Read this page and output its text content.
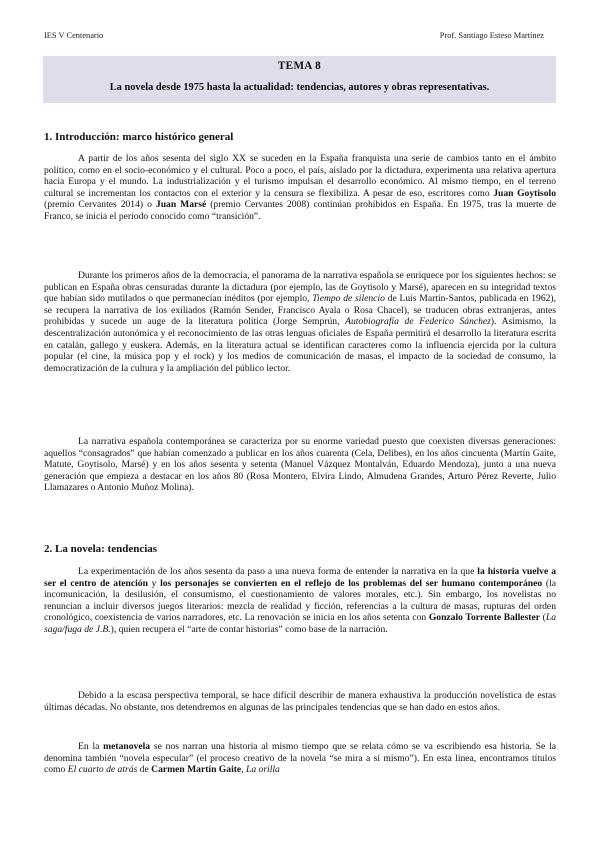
IES V Centenario	Prof. Santiago Esteso Martínez
TEMA 8
La novela desde 1975 hasta la actualidad: tendencias, autores y obras representativas.
1. Introducción: marco histórico general

A partir de los años sesenta del siglo XX se suceden en la España franquista una serie de cambios tanto en el ámbito político, como en el socio-económico y el cultural. Poco a poco, el país, aislado por la dictadura, experimenta una relativa apertura hacia Europa y el mundo. La industrialización y el turismo impulsan el desarrollo económico. Al mismo tiempo, en el terreno cultural se incrementan los contactos con el exterior y la censura se flexibiliza. A pesar de eso, escritores como Juan Goytisolo (premio Cervantes 2014) o Juan Marsé (premio Cervantes 2008) continúan prohibidos en España. En 1975, tras la muerte de Franco, se inicia el período conocido como “transición”.

Durante los primeros años de la democracia, el panorama de la narrativa española se enriquece por los siguientes hechos: se publican en España obras censuradas durante la dictadura (por ejemplo, las de Goytisolo y Marsé), aparecen en su integridad textos que habían sido mutilados o que permanecían inéditos (por ejemplo, Tiempo de silencio de Luis Martín-Santos, publicada en 1962), se recupera la narrativa de los exiliados (Ramón Sender, Francisco Ayala o Rosa Chacel), se traducen obras extranjeras, antes prohibidas y sucede un auge de la literatura política (Jorge Semprún, Autobiografía de Federico Sánchez). Asimismo, la descentralización autonómica y el reconocimiento de las otras lenguas oficiales de España permitirá el desarrollo la literatura escrita en catalán, gallego y euskera. Además, en la literatura actual se identifican caracteres como la influencia ejercida por la cultura popular (el cine, la música pop y el rock) y los medios de comunicación de masas, el impacto de la sociedad de consumo, la democratización de la cultura y la ampliación del público lector.

La narrativa española contemporánea se caracteriza por su enorme variedad puesto que coexisten diversas generaciones: aquellos “consagrados” que habían comenzado a publicar en los años cuarenta (Cela, Delibes), en los años cincuenta (Martín Gaite, Matute, Goytisolo, Marsé) y en los años sesenta y setenta (Manuel Vázquez Montalván, Eduardo Mendoza), junto a una nueva generación que empieza a destacar en los años 80 (Rosa Montero, Elvira Lindo, Almudena Grandes, Arturo Pérez Reverte, Julio Llamazares o Antonio Muñoz Molina).

2. La novela: tendencias

La experimentación de los años sesenta da paso a una nueva forma de entender la narrativa en la que la historia vuelve a ser el centro de atención y los personajes se convierten en el reflejo de los problemas del ser humano contemporáneo (la incomunicación, la desilusión, el consumismo, el cuestionamiento de valores morales, etc.). Sin embargo, los novelistas no renuncian a incluir diversos juegos literarios: mezcla de realidad y ficción, referencias a la cultura de masas, rupturas del orden cronológico, coexistencia de varios narradores, etc. La renovación se inicia en los años setenta con Gonzalo Torrente Ballester (La saga/fuga de J.B.), quien recupera el “arte de contar historias” como base de la narración.

Debido a la escasa perspectiva temporal, se hace difícil describir de manera exhaustiva la producción novelística de estas últimas décadas. No obstante, nos detendremos en algunas de las principales tendencias que se han dado en estos años.

En la metanovela se nos narran una historia al mismo tiempo que se relata cómo se va escribiendo esa historia. Se la denomina también “novela especular” (el proceso creativo de la novela “se mira a sí mismo”). En esta línea, encontramos títulos como El cuarto de atrás de Carmen Martín Gaite, La orilla
